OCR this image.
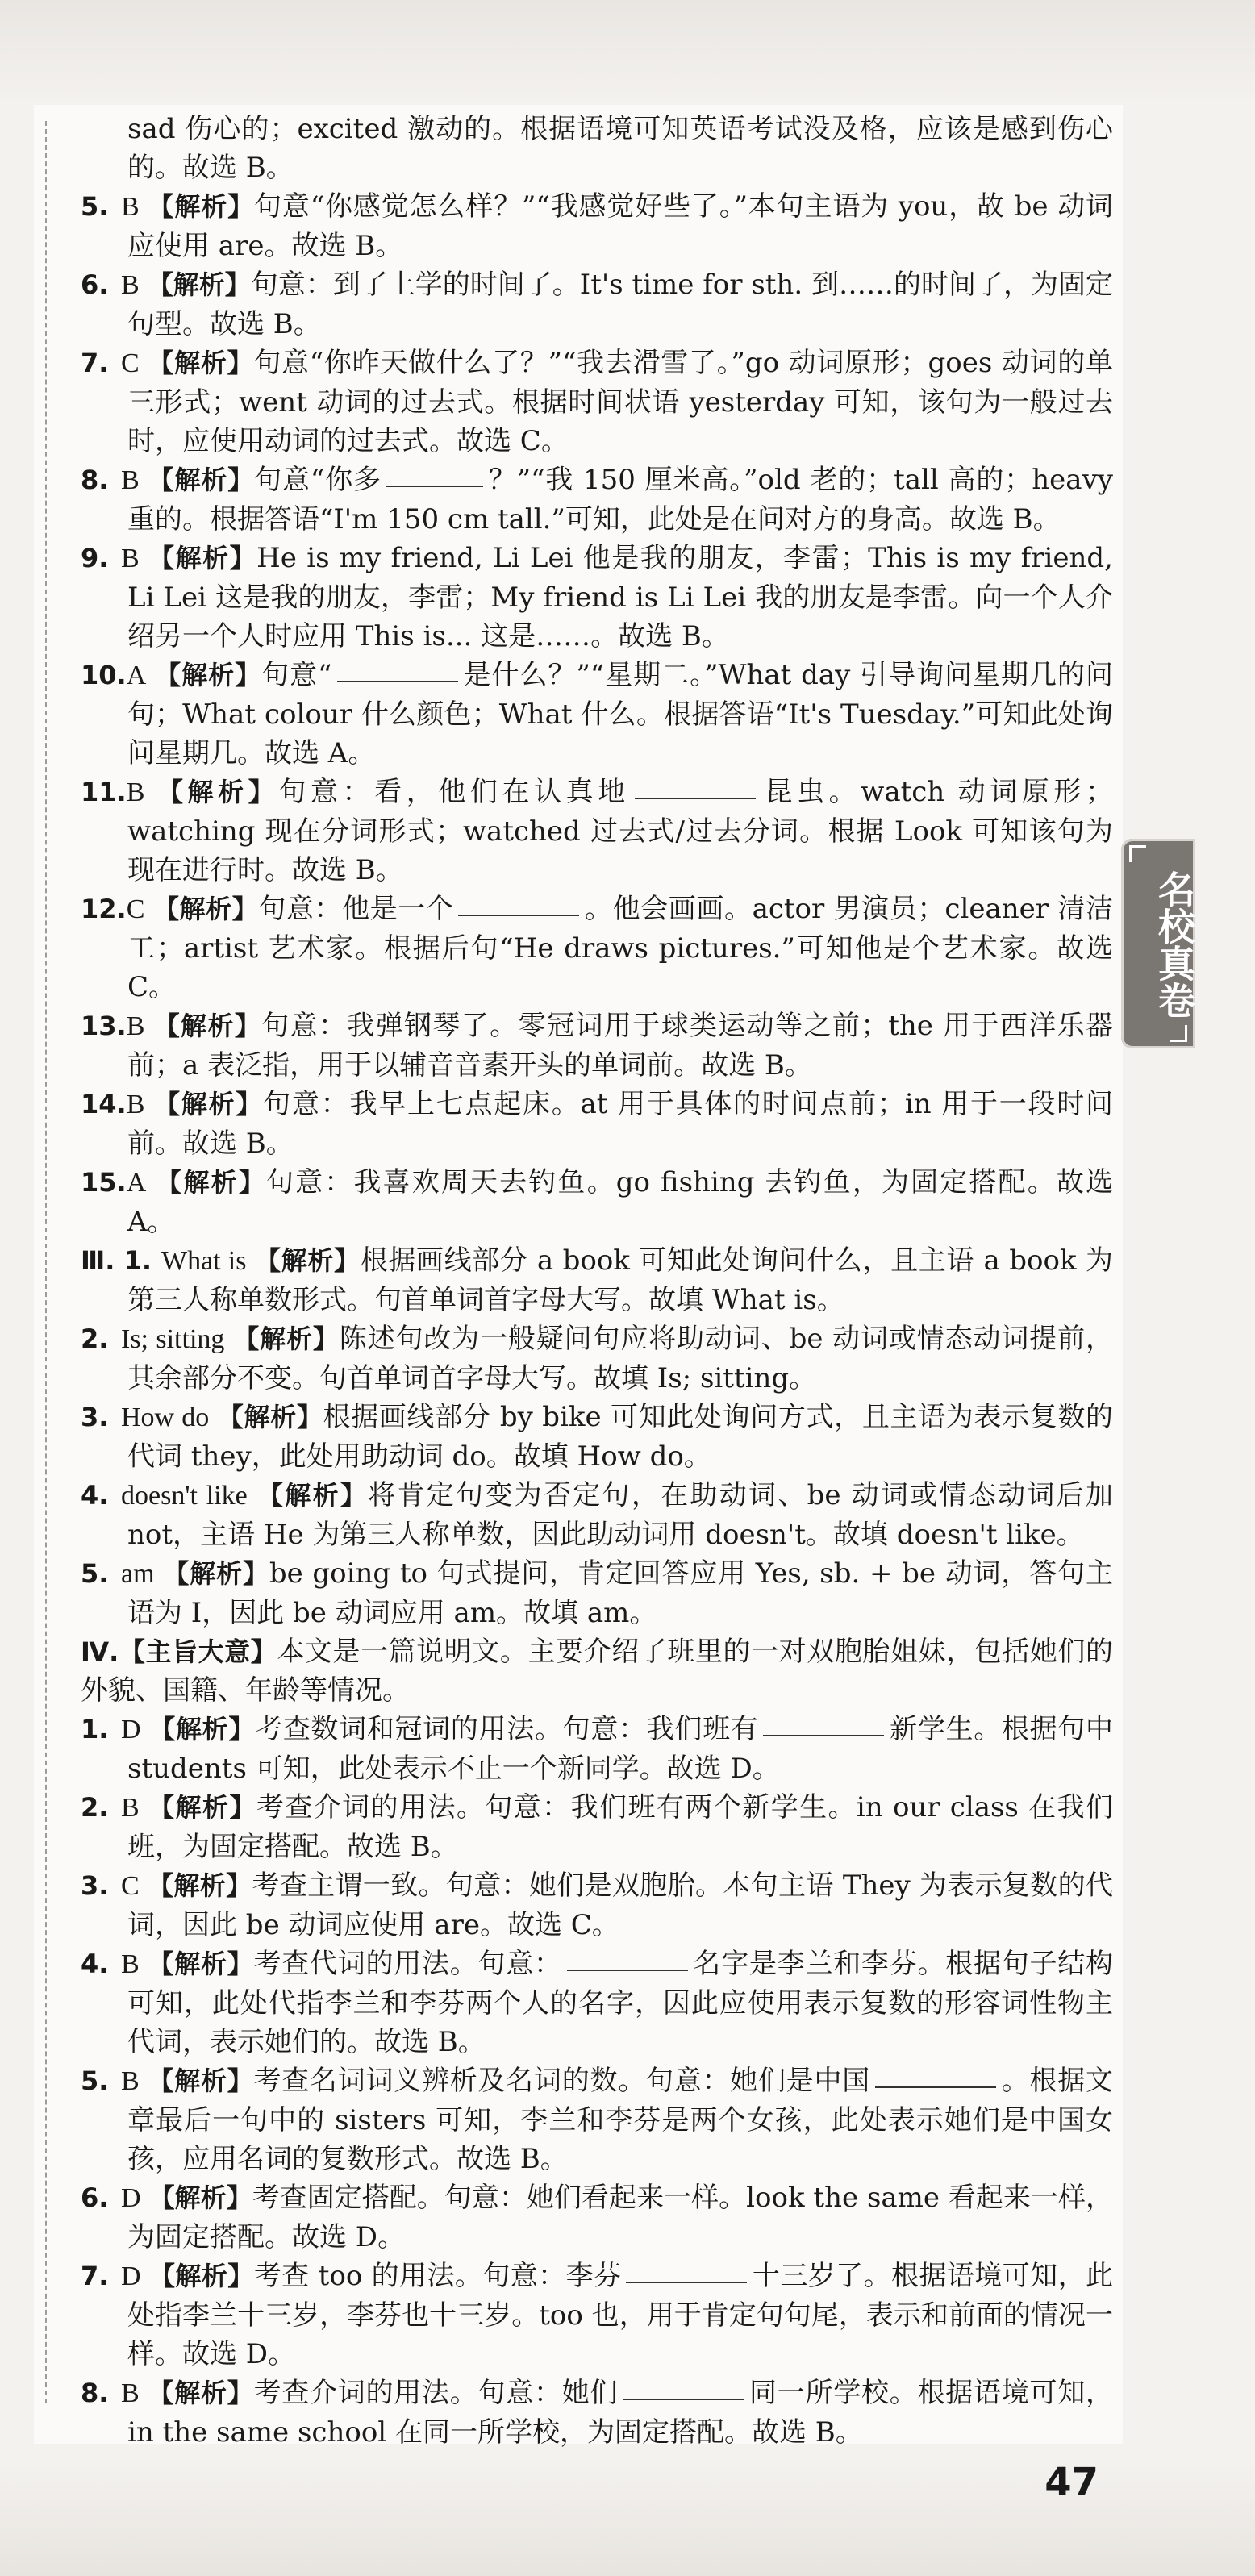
sad 伤心的；excited 激动的。根据语境可知英语考试没及格，应该是感到伤心的。故选 B。

5. B 【解析】句意“你感觉怎么样？”“我感觉好些了。”本句主语为 you，故 be 动词应使用 are。故选 B。

6. B 【解析】句意：到了上学的时间了。It's time for sth. 到……的时间了，为固定句型。故选 B。

7. C 【解析】句意“你昨天做什么了？”“我去滑雪了。”go 动词原形；goes 动词的单三形式；went 动词的过去式。根据时间状语 yesterday 可知，该句为一般过去时，应使用动词的过去式。故选 C。

8. B 【解析】句意“你多	？”“我 150 厘米高。”old 老的；tall 高的；heavy 重的。根据答语“I'm 150 cm tall.”可知，此处是在问对方的身高。故选 B。

9. B 【解析】He is my friend, Li Lei 他是我的朋友，李雷；This is my friend, Li Lei 这是我的朋友，李雷；My friend is Li Lei 我的朋友是李雷。向一个人介绍另一个人时应用 This is... 这是……。故选 B。

10.A 【解析】句意“	是什么？”“星期二。”What day 引导询问星期几的问句；What colour 什么颜色；What 什么。根据答语“It's Tuesday.”可知此处询问星期几。故选 A。

11.B 【解析】句意：看，他们在认真地	昆虫。watch 动词原形；watching 现在分词形式；watched 过去式/过去分词。根据 Look 可知该句为现在进行时。故选 B。

12.C 【解析】句意：他是一个	。他会画画。actor 男演员；cleaner 清洁工；artist 艺术家。根据后句“He draws pictures.”可知他是个艺术家。故选 C。

13.B 【解析】句意：我弹钢琴了。零冠词用于球类运动等之前；the 用于西洋乐器前；a 表泛指，用于以辅音音素开头的单词前。故选 B。

14.B 【解析】句意：我早上七点起床。at 用于具体的时间点前；in 用于一段时间前。故选 B。

15.A 【解析】句意：我喜欢周天去钓鱼。go fishing 去钓鱼，为固定搭配。故选 A。

Ⅲ. 1. What is 【解析】根据画线部分 a book 可知此处询问什么，且主语 a book 为第三人称单数形式。句首单词首字母大写。故填 What is。

2. Is; sitting 【解析】陈述句改为一般疑问句应将助动词、be 动词或情态动词提前，其余部分不变。句首单词首字母大写。故填 Is; sitting。

3. How do 【解析】根据画线部分 by bike 可知此处询问方式，且主语为表示复数的代词 they，此处用助动词 do。故填 How do。

4. doesn't like 【解析】将肯定句变为否定句，在助动词、be 动词或情态动词后加 not，主语 He 为第三人称单数，因此助动词用 doesn't。故填 doesn't like。

5. am 【解析】be going to 句式提问，肯定回答应用 Yes, sb. + be 动词，答句主语为 I，因此 be 动词应用 am。故填 am。

Ⅳ.【主旨大意】本文是一篇说明文。主要介绍了班里的一对双胞胎姐妹，包括她们的外貌、国籍、年龄等情况。

1. D 【解析】考查数词和冠词的用法。句意：我们班有	新学生。根据句中 students 可知，此处表示不止一个新同学。故选 D。

2. B 【解析】考查介词的用法。句意：我们班有两个新学生。in our class 在我们班，为固定搭配。故选 B。

3. C 【解析】考查主谓一致。句意：她们是双胞胎。本句主语 They 为表示复数的代词，因此 be 动词应使用 are。故选 C。

4. B 【解析】考查代词的用法。句意：	名字是李兰和李芬。根据句子结构可知，此处代指李兰和李芬两个人的名字，因此应使用表示复数的形容词性物主代词，表示她们的。故选 B。

5. B 【解析】考查名词词义辨析及名词的数。句意：她们是中国	。根据文章最后一句中的 sisters 可知，李兰和李芬是两个女孩，此处表示她们是中国女孩，应用名词的复数形式。故选 B。

6. D 【解析】考查固定搭配。句意：她们看起来一样。look the same 看起来一样，为固定搭配。故选 D。

7. D 【解析】考查 too 的用法。句意：李芬	十三岁了。根据语境可知，此处指李兰十三岁，李芬也十三岁。too 也，用于肯定句句尾，表示和前面的情况一样。故选 D。

8. B 【解析】考查介词的用法。句意：她们	同一所学校。根据语境可知，in the same school 在同一所学校，为固定搭配。故选 B。

名校真卷
47
